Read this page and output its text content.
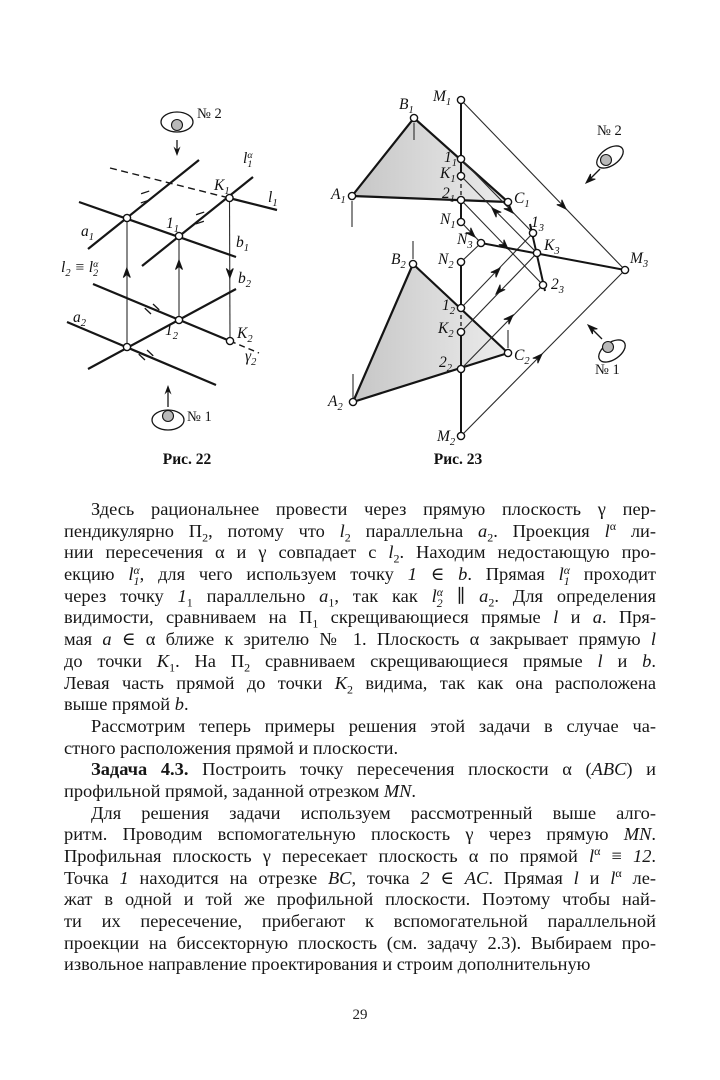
№ 2
l α
1
$K_1$ $l_1$
$a_1$
$1_1$
$b_1$
$l_2 \equiv l$ α
2	$b_2$
$a_2$	$1_2$	$K_2$
$\gamma_2$
№ 1
$B_1$
$M_1$
№ 2
$1_1$
$K_1$
$2_1$
$A_1$	$C_1$
$N_1$
$N_3$
$1_3$
$K_3$	$M_3$
$N_2$
$B_2$
$2_3$
$1_2$
$K_2$
$2_2$
$C_2$
$A_2$
$M_2$
№ 1
Рис. 22	Рис. 23
Здесь рациональнее провести через прямую плоскость γ пер-
пендикулярно $П_2$, потому что $l_2$ параллельна $a_2$. Проекция $l^\alpha$ ли-
нии пересечения α и γ совпадает с $l_2$. Находим недостающую про-
екцию l α
1 , для чего используем точку 1 ∈ b. Прямая l α
1 проходит
через точку $1_1$ параллельно $a_1$, так как l α
2 ∥ $a_2$. Для определения
видимости, сравниваем на $П_1$ скрещивающиеся прямые l и a. Пря-
мая a ∈ α ближе к зрителю № 1. Плоскость α закрывает прямую l
до точки $K_1$. На $П_2$ сравниваем скрещивающиеся прямые l и b.
Левая часть прямой до точки $K_2$ видима, так как она расположена
выше прямой b.
Рассмотрим теперь примеры решения этой задачи в случае ча-
стного расположения прямой и плоскости.
Задача 4.3. Построить точку пересечения плоскости α (ABC) и
профильной прямой, заданной отрезком MN.
Для решения задачи используем рассмотренный выше алго-
ритм. Проводим вспомогательную плоскость γ через прямую MN.
Профильная плоскость γ пересекает плоскость α по прямой $l^\alpha \equiv 12$.
Точка 1 находится на отрезке BC, точка 2 ∈ AC. Прямая l и $l^\alpha$ ле-
жат в одной и той же профильной плоскости. Поэтому чтобы най-
ти их пересечение, прибегают к вспомогательной параллельной
проекции на биссекторную плоскость (см. задачу 2.3). Выбираем про-
извольное направление проектирования и строим дополнительную
29
